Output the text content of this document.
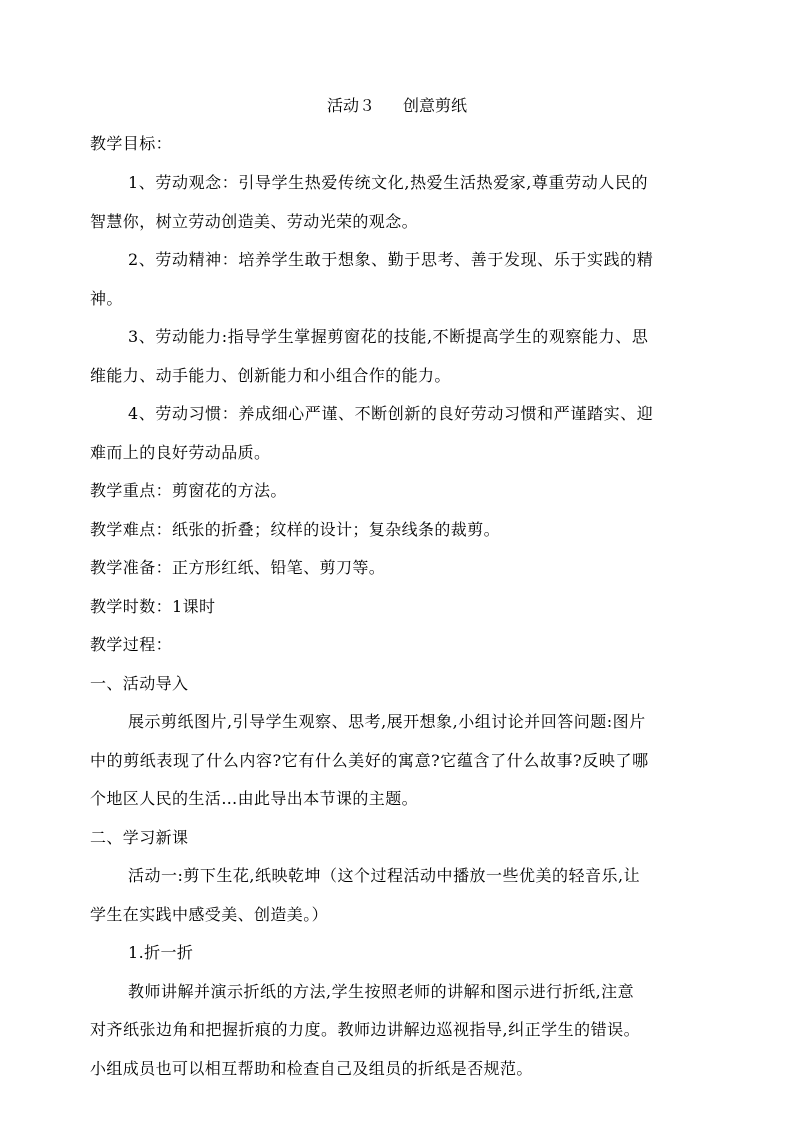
活动３ 创意剪纸
教学目标：
1、劳动观念：引导学生热爱传统文化,热爱生活热爱家,尊重劳动人民的
智慧你，树立劳动创造美、劳动光荣的观念。
2、劳动精神：培养学生敢于想象、勤于思考、善于发现、乐于实践的精
神。
3、劳动能力:指导学生掌握剪窗花的技能,不断提高学生的观察能力、思
维能力、动手能力、创新能力和小组合作的能力。
4、劳动习惯：养成细心严谨、不断创新的良好劳动习惯和严谨踏实、迎
难而上的良好劳动品质。
教学重点：剪窗花的方法。
教学难点：纸张的折叠；纹样的设计；复杂线条的裁剪。
教学准备：正方形红纸、铅笔、剪刀等。
教学时数：1课时
教学过程：
一、活动导入
展示剪纸图片,引导学生观察、思考,展开想象,小组讨论并回答问题:图片
中的剪纸表现了什么内容?它有什么美好的寓意?它蕴含了什么故事?反映了哪
个地区人民的生活…由此导出本节课的主题。
二、学习新课
活动一:剪下生花,纸映乾坤（这个过程活动中播放一些优美的轻音乐,让
学生在实践中感受美、创造美。）
1.折一折
教师讲解并演示折纸的方法,学生按照老师的讲解和图示进行折纸,注意
对齐纸张边角和把握折痕的力度。教师边讲解边巡视指导,纠正学生的错误。
小组成员也可以相互帮助和检查自己及组员的折纸是否规范。
